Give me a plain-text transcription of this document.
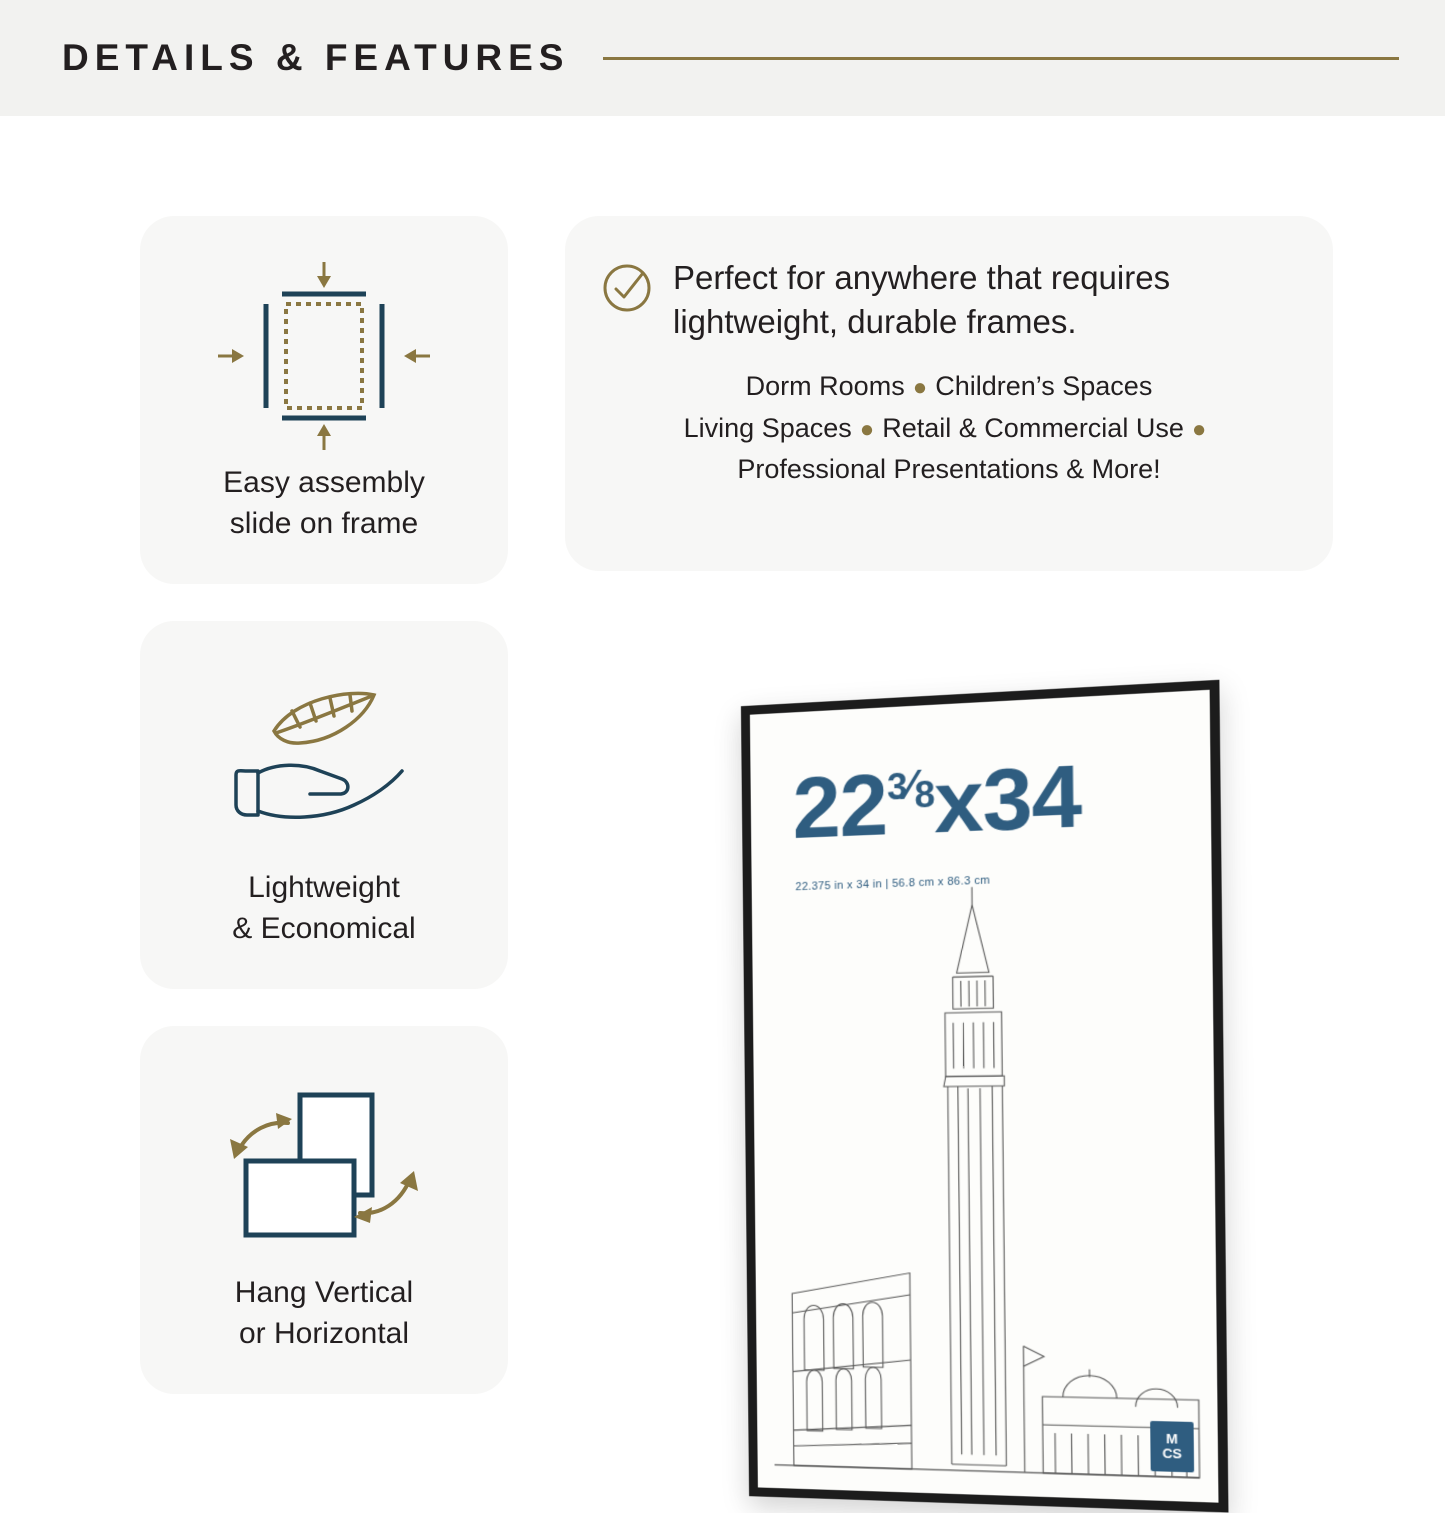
DETAILS & FEATURES
Easy assembly
slide on frame
Lightweight
& Economical
Hang Vertical
or Horizontal
Perfect for anywhere that requires
lightweight, durable frames.
Dorm Rooms ● Children’s Spaces
Living Spaces ● Retail & Commercial Use ●
Professional Presentations & More!
223⁄8x34
22.375 in x 34 in | 56.8 cm x 86.3 cm
M
CS
